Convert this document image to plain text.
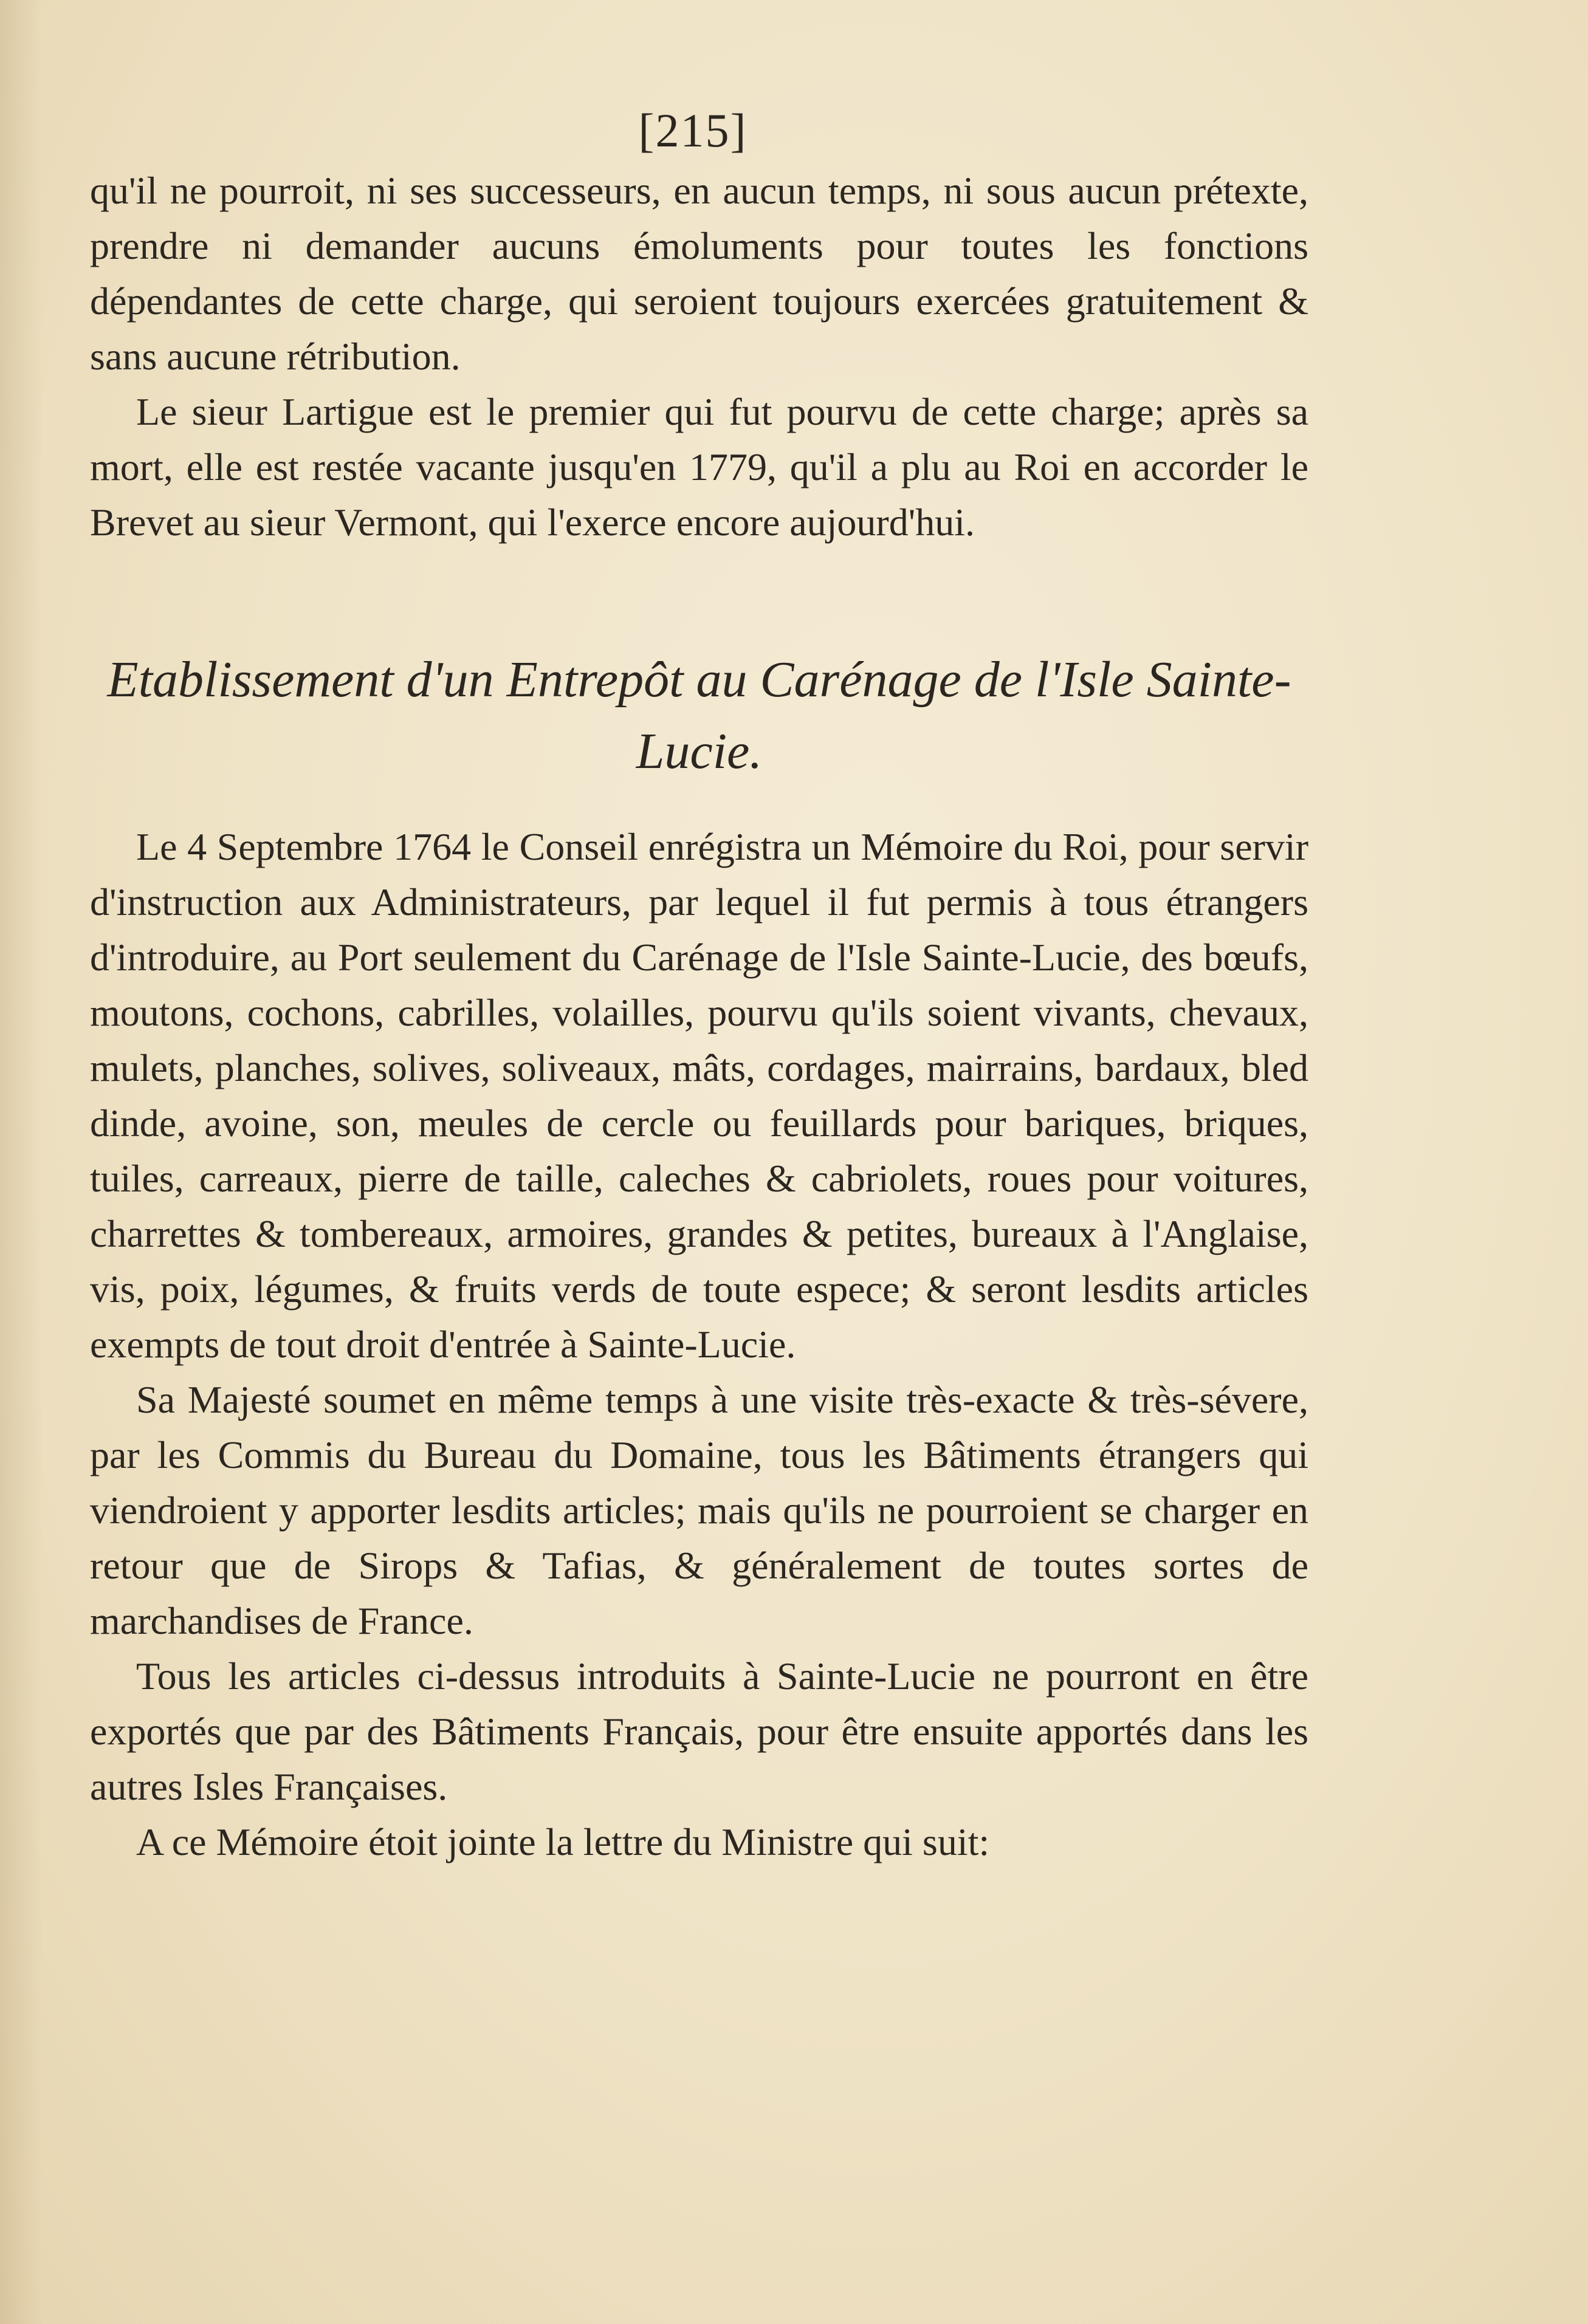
[215]

qu'il ne pourroit, ni ses successeurs, en aucun temps, ni sous aucun prétexte, prendre ni demander aucuns émoluments pour toutes les fonctions dépendantes de cette charge, qui seroient toujours exercées gratuitement & sans aucune rétribution.

Le sieur Lartigue est le premier qui fut pourvu de cette charge; après sa mort, elle est restée vacante jusqu'en 1779, qu'il a plu au Roi en accorder le Brevet au sieur Vermont, qui l'exerce encore aujourd'hui.

Etablissement d'un Entrepôt au Carénage de l'Isle Sainte-
Lucie.

Le 4 Septembre 1764 le Conseil enrégistra un Mémoire du Roi, pour servir d'instruction aux Administrateurs, par lequel il fut permis à tous étrangers d'introduire, au Port seulement du Carénage de l'Isle Sainte-Lucie, des bœufs, moutons, cochons, cabrilles, volailles, pourvu qu'ils soient vivants, chevaux, mulets, planches, solives, soliveaux, mâts, cordages, mairrains, bardaux, bled dinde, avoine, son, meules de cercle ou feuillards pour bariques, briques, tuiles, carreaux, pierre de taille, caleches & cabriolets, roues pour voitures, charrettes & tombereaux, armoires, grandes & petites, bureaux à l'Anglaise, vis, poix, légumes, & fruits verds de toute espece; & seront lesdits articles exempts de tout droit d'entrée à Sainte-Lucie.

Sa Majesté soumet en même temps à une visite très-exacte & très-sévere, par les Commis du Bureau du Domaine, tous les Bâtiments étrangers qui viendroient y apporter lesdits articles; mais qu'ils ne pourroient se charger en retour que de Sirops & Tafias, & généralement de toutes sortes de marchandises de France.

Tous les articles ci-dessus introduits à Sainte-Lucie ne pourront en être exportés que par des Bâtiments Français, pour être ensuite apportés dans les autres Isles Françaises.

A ce Mémoire étoit jointe la lettre du Ministre qui suit:
